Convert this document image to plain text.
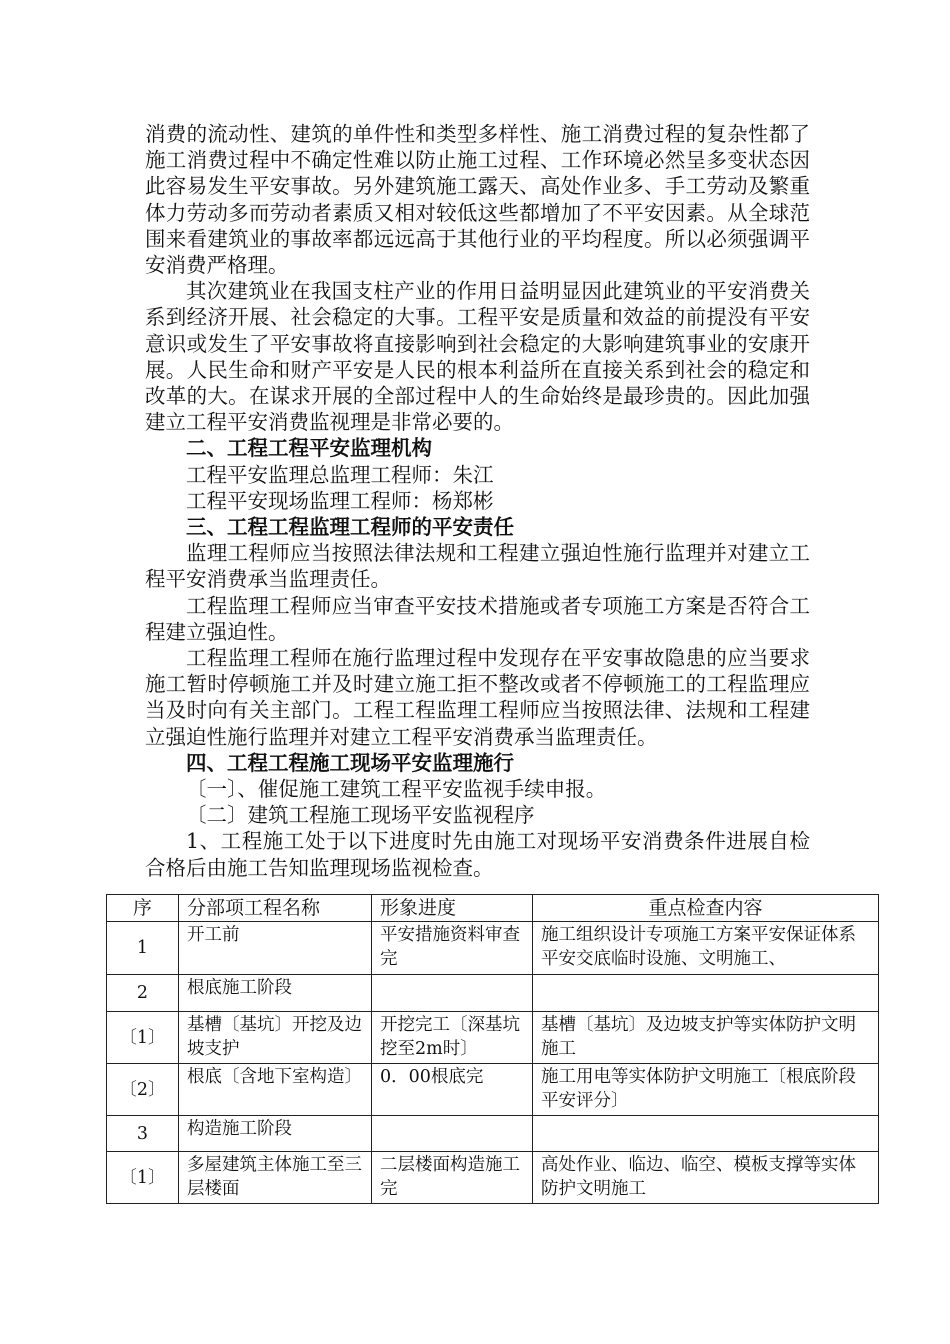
消费的流动性、建筑的单件性和类型多样性、施工消费过程的复杂性都了施工消费过程中不确定性难以防止施工过程、工作环境必然呈多变状态因此容易发生平安事故。另外建筑施工露天、高处作业多、手工劳动及繁重体力劳动多而劳动者素质又相对较低这些都增加了不平安因素。从全球范围来看建筑业的事故率都远远高于其他行业的平均程度。所以必须强调平安消费严格理。

其次建筑业在我国支柱产业的作用日益明显因此建筑业的平安消费关系到经济开展、社会稳定的大事。工程平安是质量和效益的前提没有平安意识或发生了平安事故将直接影响到社会稳定的大影响建筑事业的安康开展。人民生命和财产平安是人民的根本利益所在直接关系到社会的稳定和改革的大。在谋求开展的全部过程中人的生命始终是最珍贵的。因此加强建立工程平安消费监视理是非常必要的。

二、工程工程平安监理机构

工程平安监理总监理工程师：朱江

工程平安现场监理工程师：杨郑彬

三、工程工程监理工程师的平安责任

监理工程师应当按照法律法规和工程建立强迫性施行监理并对建立工程平安消费承当监理责任。

工程监理工程师应当审查平安技术措施或者专项施工方案是否符合工程建立强迫性。

工程监理工程师在施行监理过程中发现存在平安事故隐患的应当要求施工暂时停顿施工并及时建立施工拒不整改或者不停顿施工的工程监理应当及时向有关主部门。工程工程监理工程师应当按照法律、法规和工程建立强迫性施行监理并对建立工程平安消费承当监理责任。

四、工程工程施工现场平安监理施行

〔一〕、催促施工建筑工程平安监视手续申报。

〔二〕建筑工程施工现场平安监视程序

1、工程施工处于以下进度时先由施工对现场平安消费条件进展自检合格后由施工告知监理现场监视检查。

序	分部项工程名称	形象进度	重点检查内容
1	开工前	平安措施资料审查完	施工组织设计专项施工方案平安保证体系平安交底临时设施、文明施工、
2	根底施工阶段		
〔1〕	基槽〔基坑〕开挖及边坡支护	开挖完工〔深基坑挖至2m时〕	基槽〔基坑〕及边坡支护等实体防护文明施工
〔2〕	根底〔含地下室构造〕	0．00根底完	施工用电等实体防护文明施工〔根底阶段平安评分〕
3	构造施工阶段		
〔1〕	多屋建筑主体施工至三层楼面	二层楼面构造施工完	高处作业、临边、临空、模板支撑等实体防护文明施工
